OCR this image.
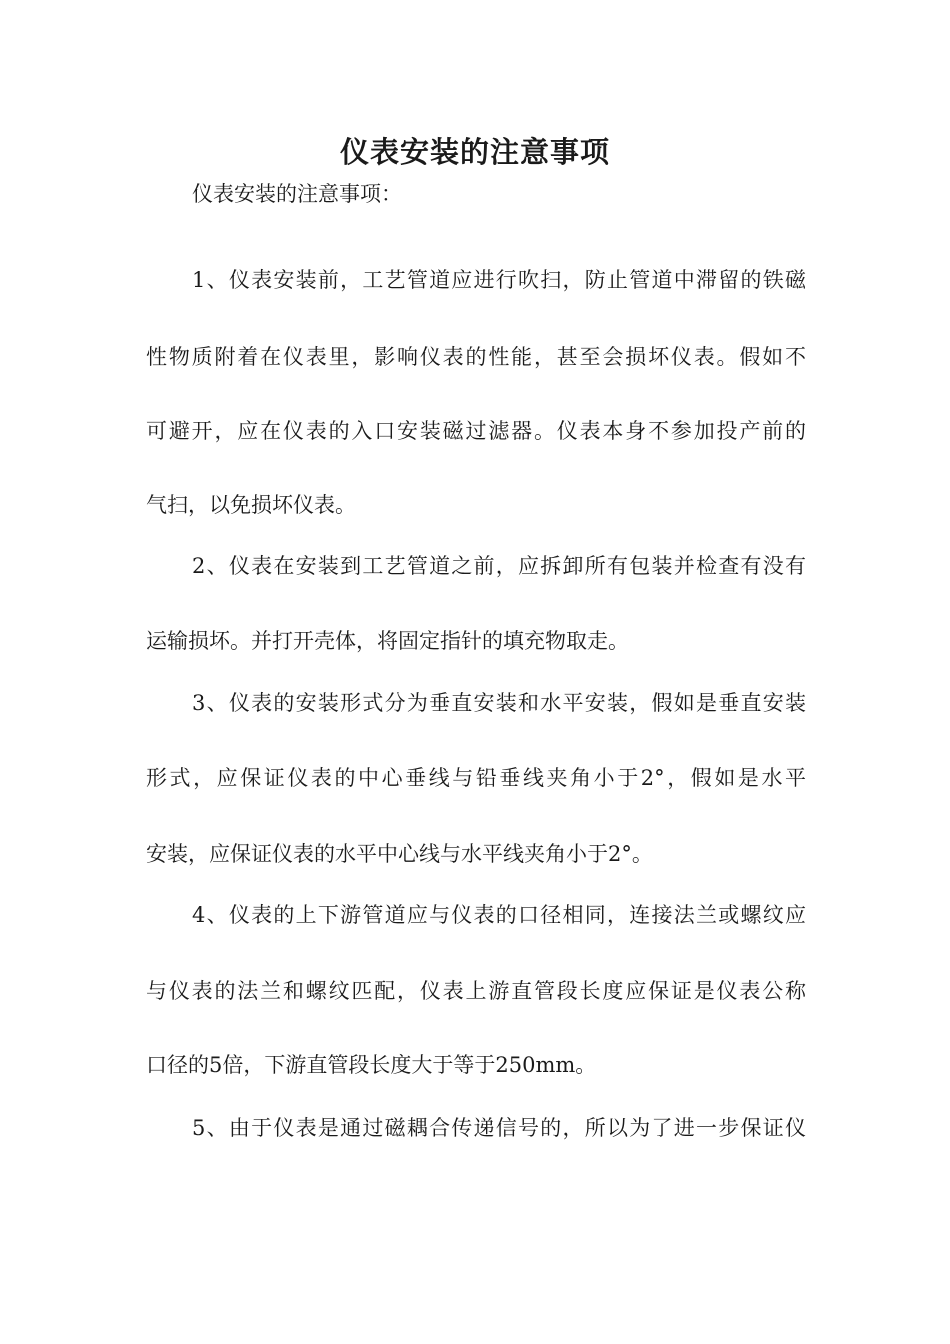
仪表安装的注意事项

仪表安装的注意事项：

1、仪表安装前，工艺管道应进行吹扫，防止管道中滞留的铁磁

性物质附着在仪表里，影响仪表的性能，甚至会损坏仪表。假如不

可避开，应在仪表的入口安装磁过滤器。仪表本身不参加投产前的

气扫，以免损坏仪表。

2、仪表在安装到工艺管道之前，应拆卸所有包装并检查有没有

运输损坏。并打开壳体，将固定指针的填充物取走。

3、仪表的安装形式分为垂直安装和水平安装，假如是垂直安装

形式，应保证仪表的中心垂线与铅垂线夹角小于2°，假如是水平

安装，应保证仪表的水平中心线与水平线夹角小于2°。

4、仪表的上下游管道应与仪表的口径相同，连接法兰或螺纹应

与仪表的法兰和螺纹匹配，仪表上游直管段长度应保证是仪表公称

口径的5倍，下游直管段长度大于等于250mm。

5、由于仪表是通过磁耦合传递信号的，所以为了进一步保证仪
